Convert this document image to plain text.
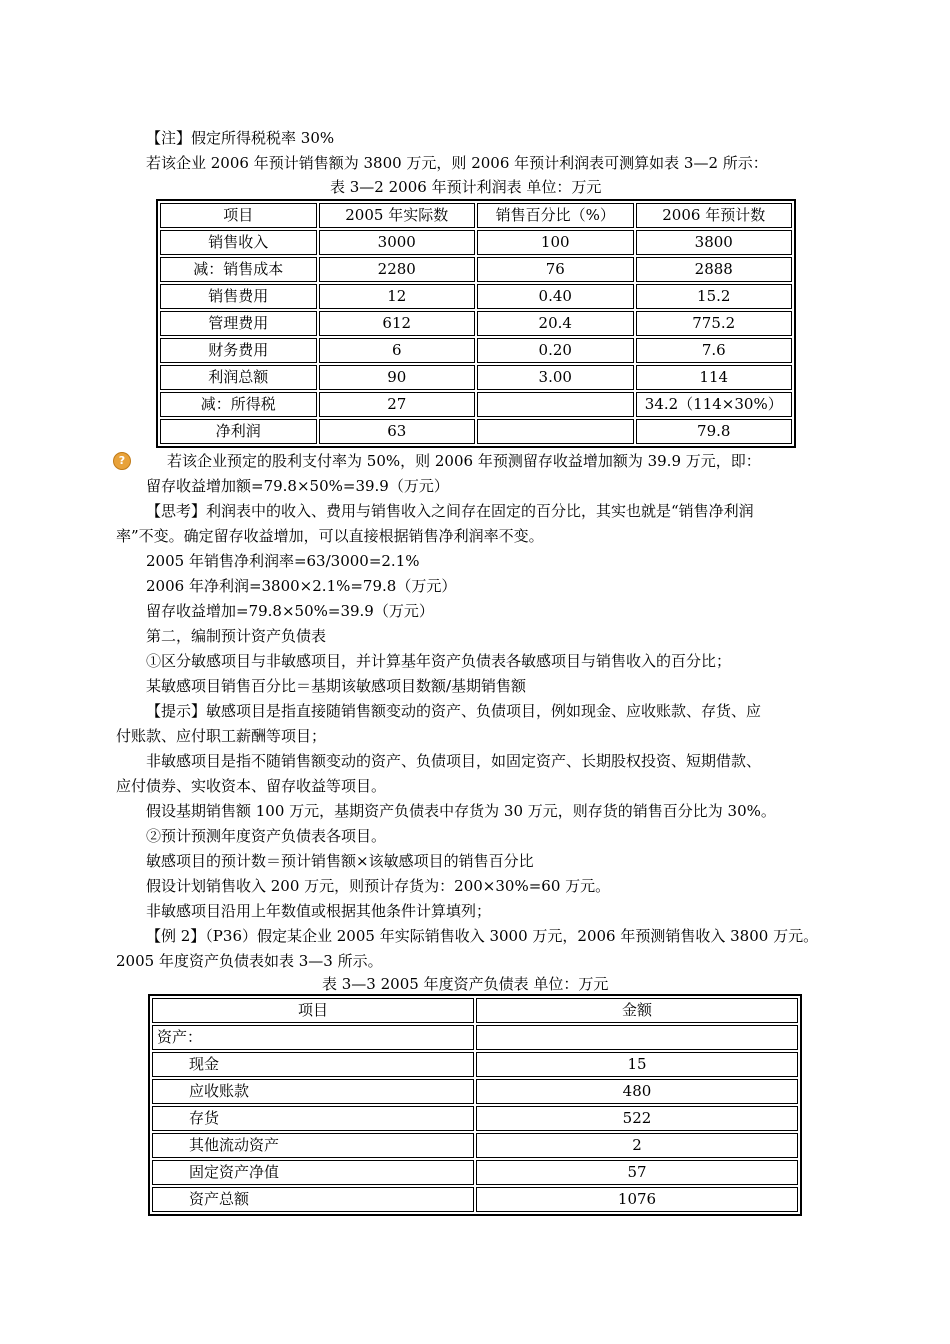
【注】假定所得税税率 30%
若该企业 2006 年预计销售额为 3800 万元，则 2006 年预计利润表可测算如表 3—2 所示：
表 3—2 2006 年预计利润表 单位：万元
项目	2005 年实际数	销售百分比（%）	2006 年预计数
销售收入	3000	100	3800
减：销售成本	2280	76	2888
销售费用	12	0.40	15.2
管理费用	612	20.4	775.2
财务费用	6	0.20	7.6
利润总额	90	3.00	114
减：所得税	27		34.2（114×30%）
净利润	63		79.8
?	若该企业预定的股利支付率为 50%，则 2006 年预测留存收益增加额为 39.9 万元，即：
留存收益增加额=79.8×50%=39.9（万元）
【思考】利润表中的收入、费用与销售收入之间存在固定的百分比，其实也就是“销售净利润
率”不变。确定留存收益增加，可以直接根据销售净利润率不变。
2005 年销售净利润率=63/3000=2.1%
2006 年净利润=3800×2.1%=79.8（万元）
留存收益增加=79.8×50%=39.9（万元）
第二，编制预计资产负债表
①区分敏感项目与非敏感项目，并计算基年资产负债表各敏感项目与销售收入的百分比；
某敏感项目销售百分比＝基期该敏感项目数额/基期销售额
【提示】敏感项目是指直接随销售额变动的资产、负债项目，例如现金、应收账款、存货、应
付账款、应付职工薪酬等项目；
非敏感项目是指不随销售额变动的资产、负债项目，如固定资产、长期股权投资、短期借款、
应付债券、实收资本、留存收益等项目。
假设基期销售额 100 万元，基期资产负债表中存货为 30 万元，则存货的销售百分比为 30%。
②预计预测年度资产负债表各项目。
敏感项目的预计数＝预计销售额×该敏感项目的销售百分比
假设计划销售收入 200 万元，则预计存货为：200×30%=60 万元。
非敏感项目沿用上年数值或根据其他条件计算填列；
【例 2】（P36）假定某企业 2005 年实际销售收入 3000 万元，2006 年预测销售收入 3800 万元。
2005 年度资产负债表如表 3—3 所示。
表 3—3 2005 年度资产负债表 单位：万元
项目	金额
资产：	
现金	15
应收账款	480
存货	522
其他流动资产	2
固定资产净值	57
资产总额	1076
